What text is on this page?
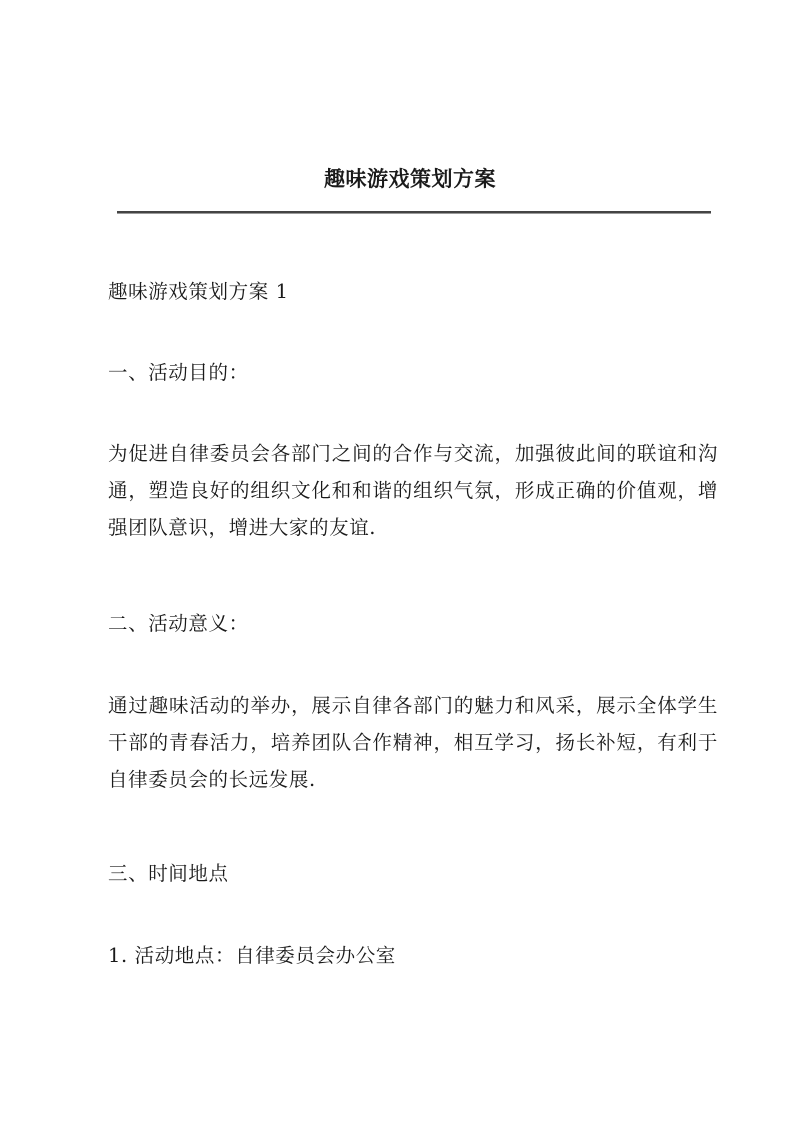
趣味游戏策划方案

趣味游戏策划方案 1

一、活动目的：

为促进自律委员会各部门之间的合作与交流，加强彼此间的联谊和沟通，塑造良好的组织文化和和谐的组织气氛，形成正确的价值观，增强团队意识，增进大家的友谊.

二、活动意义：

通过趣味活动的举办，展示自律各部门的魅力和风采，展示全体学生干部的青春活力，培养团队合作精神，相互学习，扬长补短，有利于自律委员会的长远发展.

三、时间地点

1. 活动地点：自律委员会办公室
